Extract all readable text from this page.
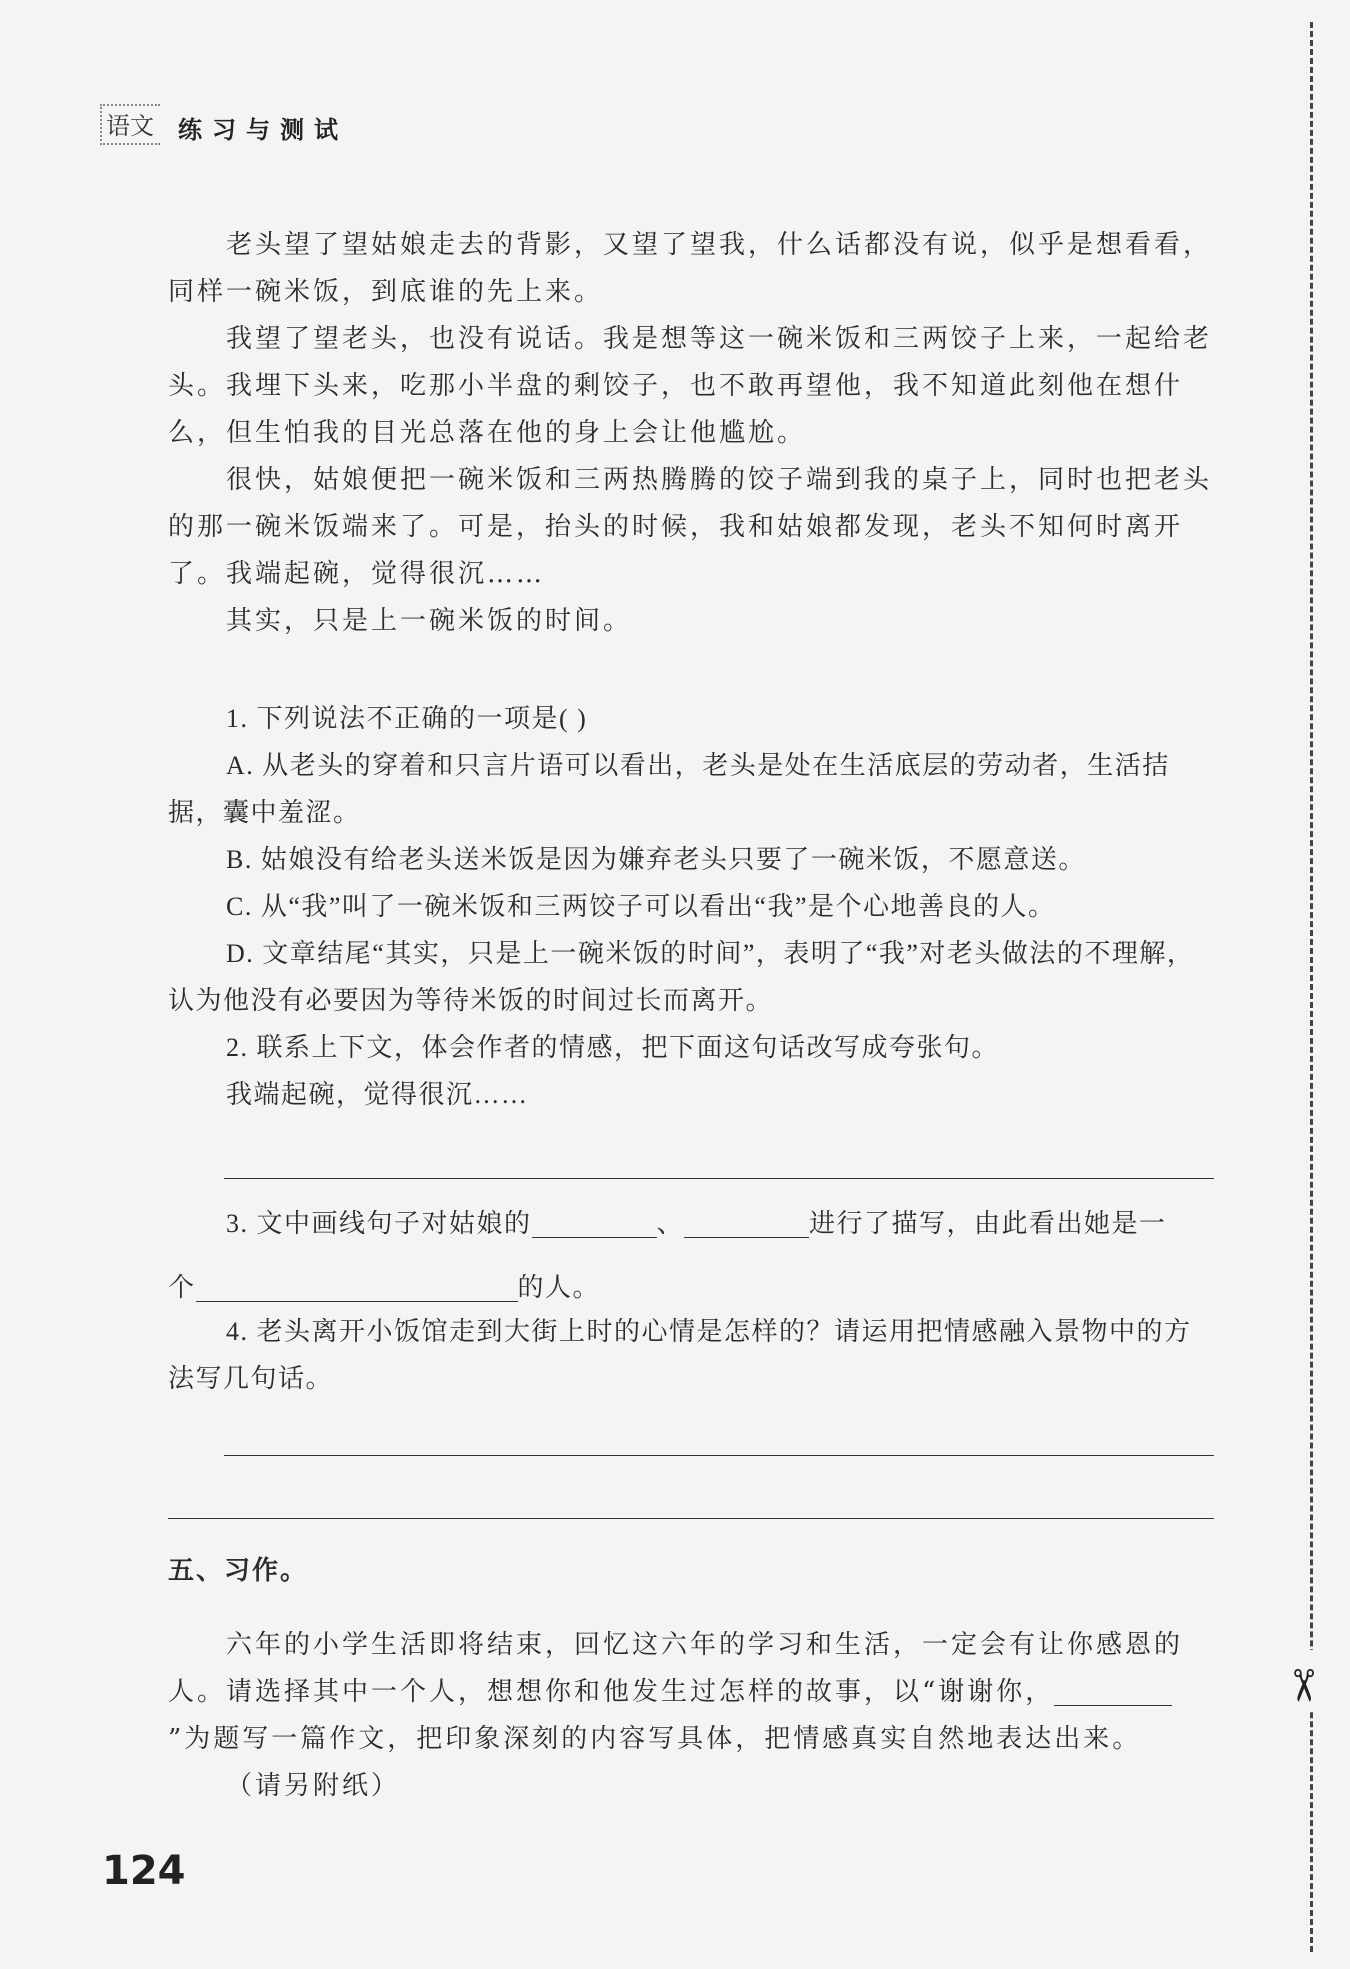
语文 练习与测试

老头望了望姑娘走去的背影，又望了望我，什么话都没有说，似乎是想看看，同样一碗米饭，到底谁的先上来。

我望了望老头，也没有说话。我是想等这一碗米饭和三两饺子上来，一起给老头。我埋下头来，吃那小半盘的剩饺子，也不敢再望他，我不知道此刻他在想什么，但生怕我的目光总落在他的身上会让他尴尬。

很快，姑娘便把一碗米饭和三两热腾腾的饺子端到我的桌子上，同时也把老头的那一碗米饭端来了。可是，抬头的时候，我和姑娘都发现，老头不知何时离开了。我端起碗，觉得很沉……

其实，只是上一碗米饭的时间。

1. 下列说法不正确的一项是( )

A. 从老头的穿着和只言片语可以看出，老头是处在生活底层的劳动者，生活拮据，囊中羞涩。

B. 姑娘没有给老头送米饭是因为嫌弃老头只要了一碗米饭，不愿意送。

C. 从“我”叫了一碗米饭和三两饺子可以看出“我”是个心地善良的人。

D. 文章结尾“其实，只是上一碗米饭的时间”，表明了“我”对老头做法的不理解，认为他没有必要因为等待米饭的时间过长而离开。

2. 联系上下文，体会作者的情感，把下面这句话改写成夸张句。

我端起碗，觉得很沉……

3. 文中画线句子对姑娘的	、	进行了描写，由此看出她是一

个	的人。

4. 老头离开小饭馆走到大街上时的心情是怎样的？请运用把情感融入景物中的方法写几句话。

五、习作。

六年的小学生活即将结束，回忆这六年的学习和生活，一定会有让你感恩的人。请选择其中一个人，想想你和他发生过怎样的故事，以“谢谢你，”为题写一篇作文，把印象深刻的内容写具体，把情感真实自然地表达出来。

（请另附纸）

124
✂
